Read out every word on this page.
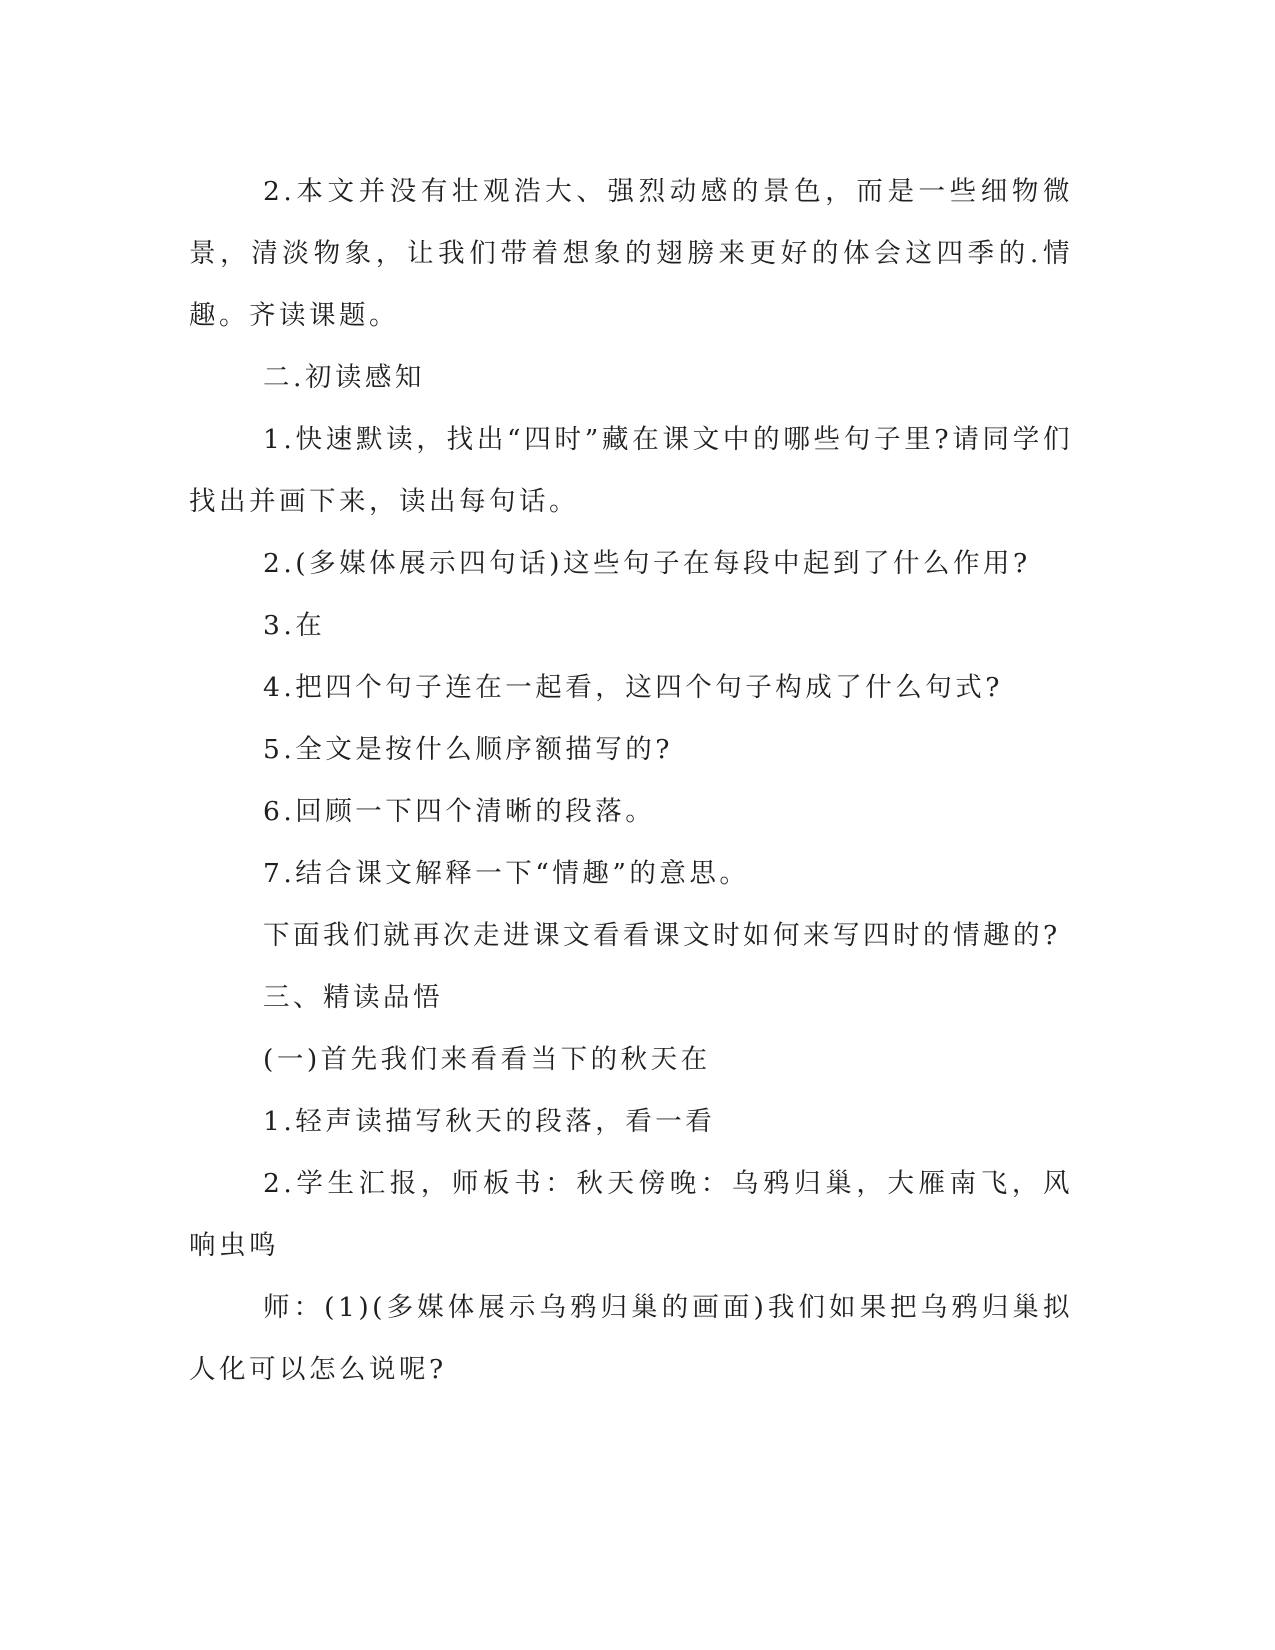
2.本文并没有壮观浩大、强烈动感的景色，而是一些细物微景，清淡物象，让我们带着想象的翅膀来更好的体会这四季的.情趣。齐读课题。

二.初读感知

1.快速默读，找出“四时”藏在课文中的哪些句子里?请同学们找出并画下来，读出每句话。

2.(多媒体展示四句话)这些句子在每段中起到了什么作用?

3.在

4.把四个句子连在一起看，这四个句子构成了什么句式?

5.全文是按什么顺序额描写的?

6.回顾一下四个清晰的段落。

7.结合课文解释一下“情趣”的意思。

下面我们就再次走进课文看看课文时如何来写四时的情趣的?

三、精读品悟

(一)首先我们来看看当下的秋天在

1.轻声读描写秋天的段落，看一看

2.学生汇报，师板书：秋天傍晚：乌鸦归巢，大雁南飞，风响虫鸣

师：(1)(多媒体展示乌鸦归巢的画面)我们如果把乌鸦归巢拟人化可以怎么说呢?
